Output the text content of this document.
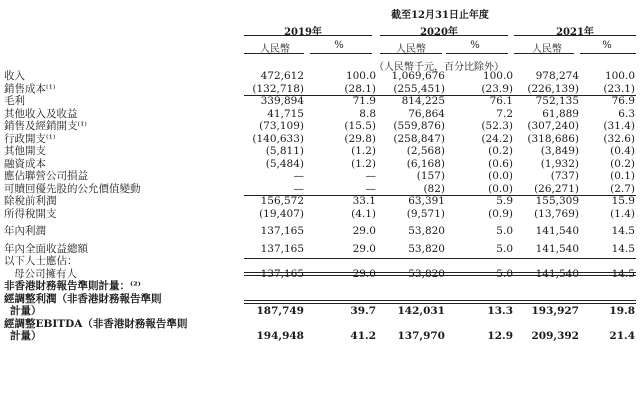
截至12月31日止年度
2019年	2020年	2021年
人民幣	%	人民幣	%	人民幣	%
（人民幣千元，百分比除外）
收入	472,612	100.0	1,069,676	100.0	978,274	100.0

銷售成本⁽¹⁾	(132,718)	(28.1)	(255,451)	(23.9)	(226,139)	(23.1)

毛利	339,894	71.9	814,225	76.1	752,135	76.9

其他收入及收益	41,715	8.8	76,864	7.2	61,889	6.3

銷售及經銷開支⁽¹⁾	(73,109)	(15.5)	(559,876)	(52.3)	(307,240)	(31.4)

行政開支⁽¹⁾	(140,633)	(29.8)	(258,847)	(24.2)	(318,686)	(32.6)

其他開支	(5,811)	(1.2)	(2,568)	(0.2)	(3,849)	(0.4)

融資成本	(5,484)	(1.2)	(6,168)	(0.6)	(1,932)	(0.2)

應佔聯營公司損益	—	—	(157)	(0.0)	(737)	(0.1)

可贖回優先股的公允價值變動	—	—	(82)	(0.0)	(26,271)	(2.7)

除稅前利潤	156,572	33.1	63,391	5.9	155,309	15.9

所得稅開支	(19,407)	(4.1)	(9,571)	(0.9)	(13,769)	(1.4)

年內利潤	137,165	29.0	53,820	5.0	141,540	14.5

年內全面收益總額	137,165	29.0	53,820	5.0	141,540	14.5

以下人士應佔：						

母公司擁有人	137,165	29.0	53,820	5.0	141,540	14.5

非香港財務報告準則計量：⁽²⁾						

經調整利潤（非香港財務報告準則						

計量）	187,749	39.7	142,031	13.3	193,927	19.8

經調整EBITDA（非香港財務報告準則						

計量）	194,948	41.2	137,970	12.9	209,392	21.4
